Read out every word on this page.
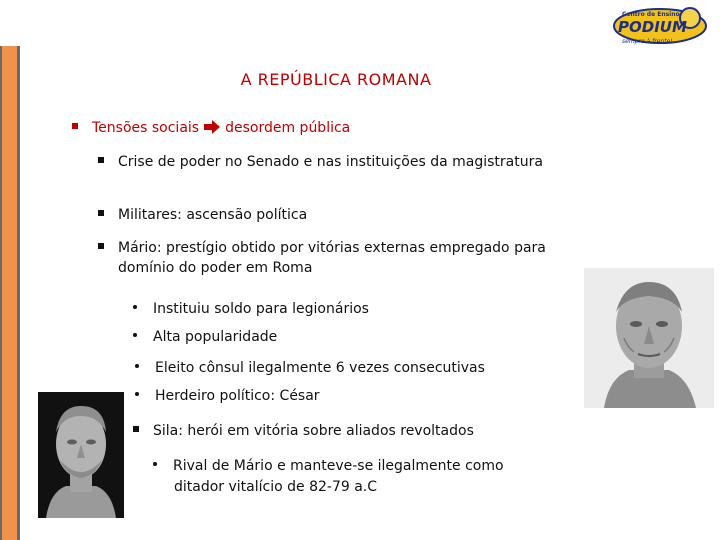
Centro de Ensino
PODIUM
sempre à frente!
A REPÚBLICA ROMANA
Tensões sociais desordem pública
Crise de poder no Senado e nas instituições da magistratura
Militares: ascensão política
Mário: prestígio obtido por vitórias externas empregado para
domínio do poder em Roma
Instituiu soldo para legionários
Alta popularidade
Eleito cônsul ilegalmente 6 vezes consecutivas
Herdeiro político: César
Sila: herói em vitória sobre aliados revoltados
Rival de Mário e manteve-se ilegalmente como
ditador vitalício de 82-79 a.C
